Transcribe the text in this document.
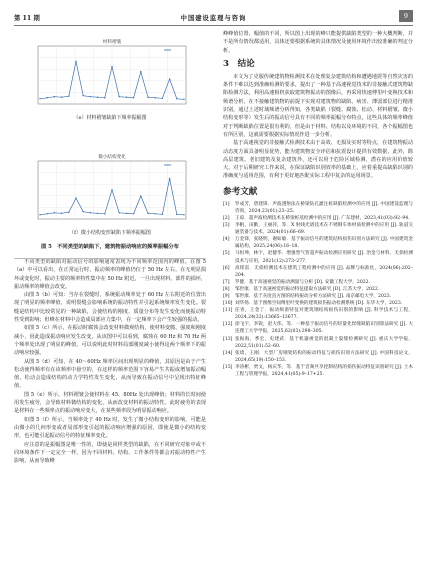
第 11 期	中国建设监理与咨询	9
材料褶皱
（e）材料褶皱缺陷下频率振幅图
微小结构变化
（f）微小结构变形缺陷下频率振幅图
图 5　不同类型的缺陷下，建筑物振动响应的频率振幅分布

不同类型的缺陷对振动信号的影响通常表现为不同频率范围内的峰值。在图 5（a）中可以看出，在正常运行时，振动频率的峰值仍位于 50 Hz 左右，在无明显损坏或变化时，振动主要的频率特性集中在 50 Hz 附近，一旦出现材料、部件的损坏，振动频率的峰值会改变。

由图 5（b）可知：当存在裂缝时，系统振动频率处于 60 Hz 左右附近的位置出现了明显的频率峰值，说明裂缝会影响系统的振动特性并引起系统频率发生变化。裂缝是结构中比较常见的一种缺陷，会使结构的刚度、质量分布等发生变化而使振动特性受到影响；但峰在材料中会造成局部应力集中，在一定频率下会产生较强的振动。

如图 5（c）所示，在振动时腐蚀会改变材料微观结构，使材料变脆、强度和刚度减小，因此造成振动响应发生改变，从该图中可以看到，腐蚀在 60 Hz 和 70 Hz 两个频率处出现了明显的峰值，可以说明此时材料局部刚度减小使得这两个频率下的振动响应较强。

从图 5（d）可知，在 40～60Hz 频率区间出现明显的峰值，其原因是由于产生松动使得频率有在该频率中悬空的，在这样的频率范围下容易产生共振或增加振动幅值，松动会造成结构的动力学特性发生变化，从而导致在振动信号中呈现出特征峰值。

图 5（e）所示，材料褶皱会使材料在 45、80Hz 处出现峰值；材料的长时间使用发生疲劳，会导致材料微结构的变化，从而改变材料的振动特性。此时疲劳的表现是材料在一些频率点的振动响应变大，在某些频率段为明显振动响应。

如图 5（f）所示，当频率处于 40 Hz 时，发生了微小结构变形的影响，可能是由微小的几何形变或者局部形变引起的振动响应增强的原因，即使是微小的结构变形，也可能引起振动信号的特征频率变化。

应注意的是振幅图是唯一性的，即使是同样类型的缺陷，在不同研究对象中或不同环境条件下一定完全一样，因为不同材料、结构、工作条件等都会对振动特性产生影响，从而导致峰

峰峰值位置、幅值的不同，所以图上出现的峰只能提供缺陷类型的一种大概判断，并不是所有情况都适用，具体还要根据系统的具体情况及使用环境作出较准确的判定分析。

3　结论

本文为了克服传统建筑物检测技术在处理复杂建筑结构和遭遇地震等自然灾害的条件下难以达到准确检测的要求，提出了一种基于高速视觉技术的非接触式建筑物缺陷检测方法，利用高速相机获取建筑物振动的图像后，再采用快速傅里叶变换技术和频谱分析，在不接触建筑物的前提下实现对建筑物的缺陷、病害、薄弱部位进行精准识别。通过上述时域频谱分析得知，各类缺陷（裂缝、腐蚀、松动、材料褶皱、微小结构变形等）发生后的振动信号具有不同的频率振幅分布特点，这些具体的频率峰值对于判断缺陷位置是很有利的，但是由于材料、结构以及环境的不同，各个振幅图也有所区别，这就需要根据实际情况作进一步分析。

基于高速视觉的非接触式检测技术由于高效、无损及实时等特点，在建筑物振动动态度方面具备明显优势，能为建筑物安全评估和抗震设计提供有效数据，此外，除高层建筑、老旧建筑及复杂建筑外，还可以用于危险区域检测，潜在的应用价值较大。对于后期研究工作来说，在保证缺陷识别效率的基础上，应着重提高缺陷识别的准确度与适用范围，有利于更好地匹配实际工程中复杂的运用场景。

参考文献
[1]	罗成芳，唐建锋．声波透射法在桥梁钻孔灌注桩缺陷检测中的应用 [J]. 中国建设监理与咨询，2024,23(01):23–25.
[2]	王琼．超声波检测技术在桥梁桩基检测中的应用 [J]. 广东建材，2023,41(03):92–94.
[3]	李帆，田勤，王丽萍，等．X 射线光谱技术在不锈钢车体材质检测中的应用 [J]. 轨道交通装备与技术，2024(01):66–69.
[4]	万金锋，张晓明，谢如敏．基于振动信号的建筑结构损伤识别方法研究 [J]. 中国建筑金属结构，2025,24(06):16–18.
[5]	马恒坤，林宇，赵健华．增强型气管超声振动检测应用研究 [J]. 冶金与材料，无损检测技术与应用，2021(12):273–277.
[6]	高铭雷．无损检测技术在建筑工程检测中的应用 [J]. 品牌与标准化，2024(06):202–204.
[7]	罗健．基于高速视觉的振动测量与分析 [D]. 安徽工程大学，2022.
[8]	邹世康．基于高速视觉的振动特征提取方法研究 [D]. 江苏大学，2022.
[9]	邹世康．基于灰度直方图的结构振动分析方法研究 [J]. 南京邮电大学，2023.
[10] 刘华扬．基于图像空间傅里叶变换的建筑损伤振动检测系统 [D]. 东华大学，2023.
[11] 任青，王金丁．振动频谱特征对建筑钢结构损伤识别的影响 [J]. 科学技术与工程，2024,24(32):13665–13677.
[12] 徐飞宇，李锐，赵大伟，等．一种基于振动信号的轻量化焊缝缺陷识别算法研究 [J]. 大连理工大学学报，2025,62(03):298–305.
[13] 张振海，季宏，史建武．基于机器视觉的混凝土裂缝检测研究 [J]. 重庆大学学报，2022,51(01):52–60.
[14] 张琦，王刚．大型厂房钢架结构的振动特征与损伤识别方法研究 [J]. 中国科技论文，2024,65(19):150–153.
[15] 李涛彬，贾文，杨庆华，等．基于音频共享控制结构的损伤振动特征识别研究 [J]. 土木工程与管理学报，2024,41(05):9–17+25.
